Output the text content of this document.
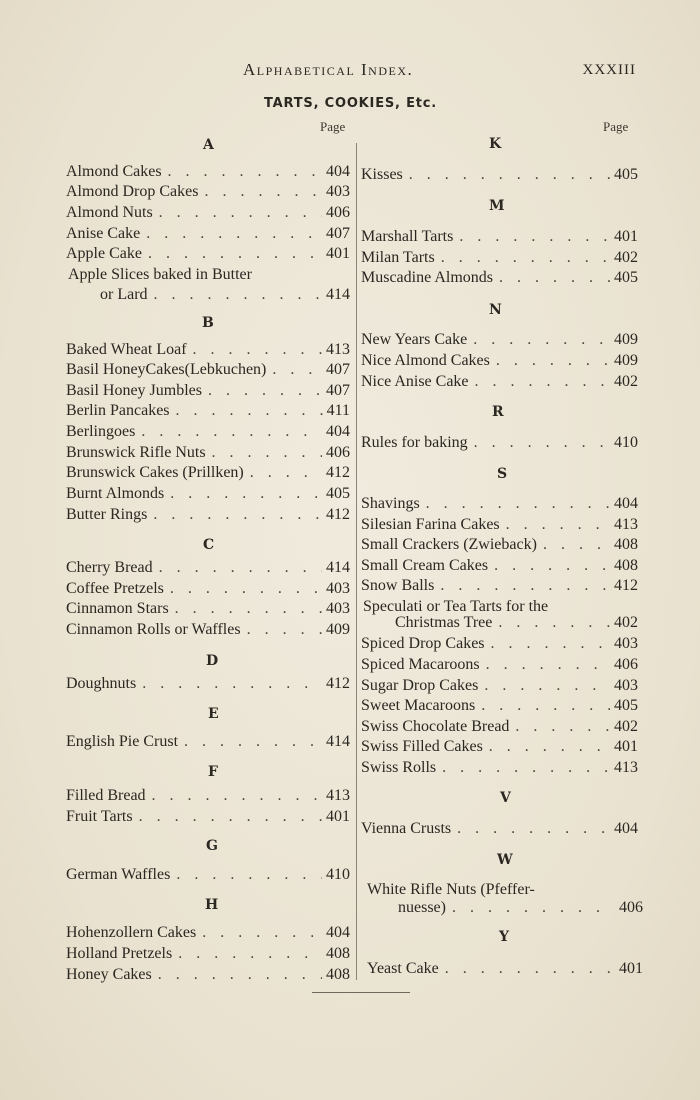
Alphabetical Index.	XXXIII
TARTS, COOKIES, Etc.
Page	Page
A
Almond Cakes . . .	404
Almond Drop Cakes . . .	403
Almond Nuts . . .	406
Anise Cake . . .	407
Apple Cake . . .	401
Apple Slices baked in Butter
or Lard . . .	414
B
Baked Wheat Loaf . . .	413
Basil HoneyCakes(Lebkuchen) . . .	407
Basil Honey Jumbles . . .	407
Berlin Pancakes . . .	411
Berlingoes . . .	404
Brunswick Rifle Nuts . . .	406
Brunswick Cakes (Prillken) . . .	412
Burnt Almonds . . .	405
Butter Rings . . .	412
C
Cherry Bread . . .	414
Coffee Pretzels . . .	403
Cinnamon Stars . . .	403
Cinnamon Rolls or Waffles . . .	409
D
Doughnuts . . .	412
E
English Pie Crust . . .	414
F
Filled Bread . . .	413
Fruit Tarts . . .	401
G
German Waffles . . .	410
H
Hohenzollern Cakes . . .	404
Holland Pretzels . . .	408
Honey Cakes . . .	408
K
Kisses . . .	405
M
Marshall Tarts . . .	401
Milan Tarts . . .	402
Muscadine Almonds . . .	405
N
New Years Cake . . .	409
Nice Almond Cakes . . .	409
Nice Anise Cake . . .	402
R
Rules for baking . . .	410
S
Shavings . . .	404
Silesian Farina Cakes . . .	413
Small Crackers (Zwieback) . . .	408
Small Cream Cakes . . .	408
Snow Balls . . .	412
Speculati or Tea Tarts for the
Christmas Tree . . .	402
Spiced Drop Cakes . . .	403
Spiced Macaroons . . .	406
Sugar Drop Cakes . . .	403
Sweet Macaroons . . .	405
Swiss Chocolate Bread . . .	402
Swiss Filled Cakes . . .	401
Swiss Rolls . . .	413
V
Vienna Crusts . . .	404
W
White Rifle Nuts (Pfeffer-
nuesse) . . .	406
Y
Yeast Cake . . .	401
